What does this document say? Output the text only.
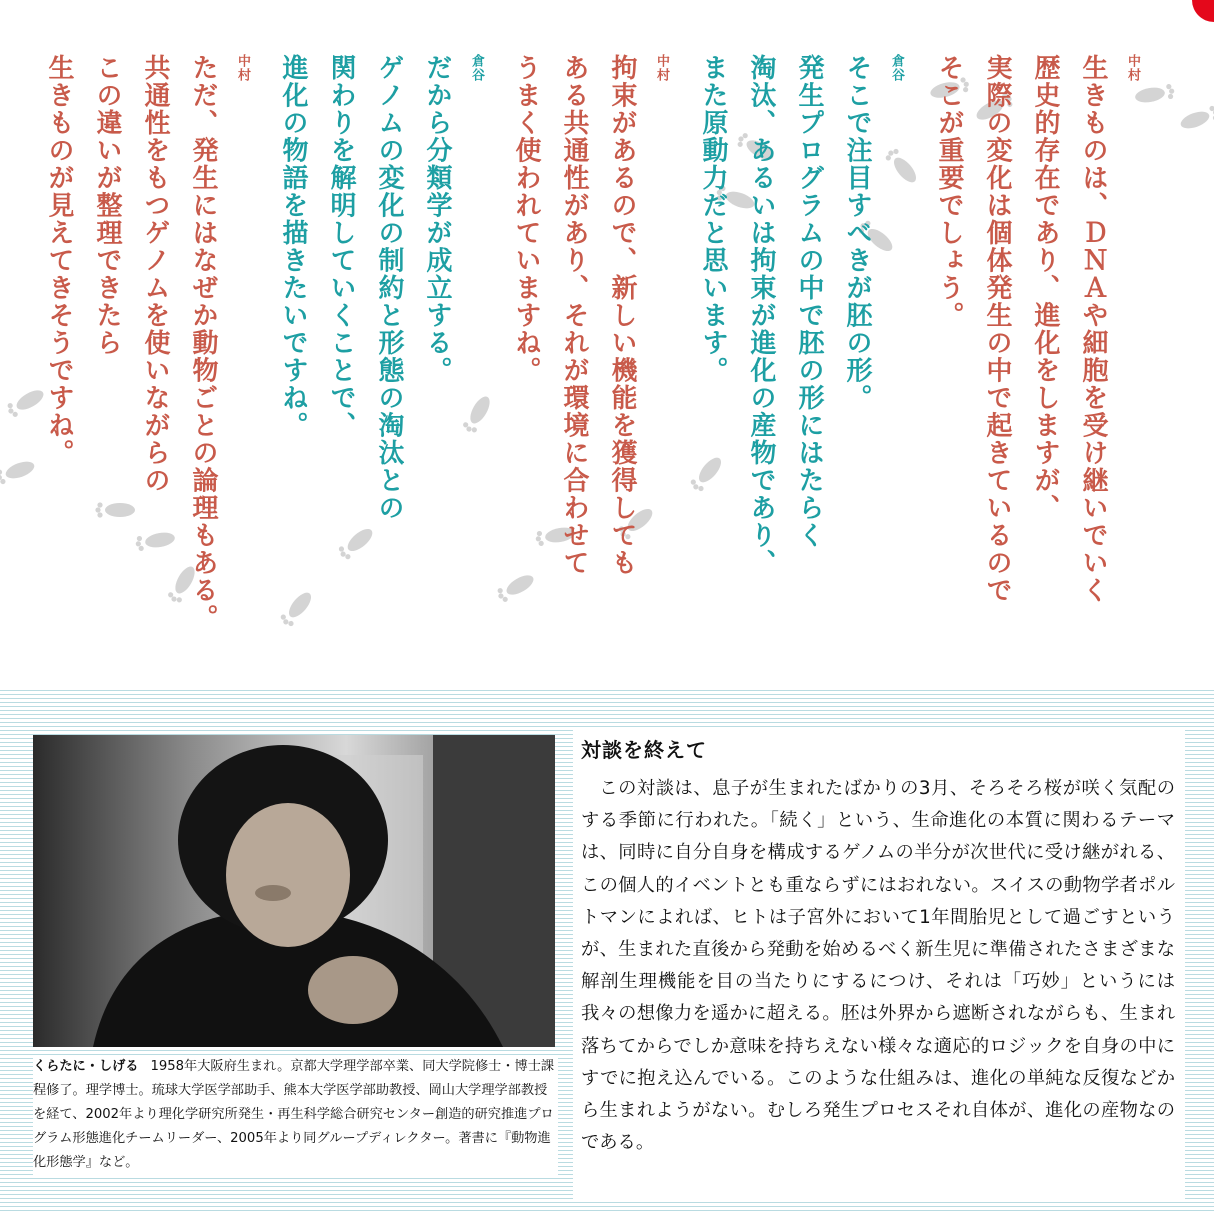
中村
生きものは、ＤＮＡや細胞を受け継いでいく
歴史的存在であり、進化をしますが、
実際の変化は個体発生の中で起きているので
そこが重要でしょう。
倉谷
そこで注目すべきが胚の形。
発生プログラムの中で胚の形にはたらく
淘汰、あるいは拘束が進化の産物であり、
また原動力だと思います。
中村
拘束があるので、新しい機能を獲得しても
ある共通性があり、それが環境に合わせて
うまく使われていますね。
倉谷
だから分類学が成立する。
ゲノムの変化の制約と形態の淘汰との
関わりを解明していくことで、
進化の物語を描きたいですね。
中村
ただ、発生にはなぜか動物ごとの論理もある。
共通性をもつゲノムを使いながらの
この違いが整理できたら
生きものが見えてきそうですね。
くらたに・しげる 1958年大阪府生まれ。京都大学理学部卒業、同大学院修士・博士課程修了。理学博士。琉球大学医学部助手、熊本大学医学部助教授、岡山大学理学部教授を経て、2002年より理化学研究所発生・再生科学総合研究センター創造的研究推進プログラム形態進化チームリーダー、2005年より同グループディレクター。著書に『動物進化形態学』など。
対談を終えて

この対談は、息子が生まれたばかりの3月、そろそろ桜が咲く気配のする季節に行われた。「続く」という、生命進化の本質に関わるテーマは、同時に自分自身を構成するゲノムの半分が次世代に受け継がれる、この個人的イベントとも重ならずにはおれない。スイスの動物学者ポルトマンによれば、ヒトは子宮外において1年間胎児として過ごすというが、生まれた直後から発動を始めるべく新生児に準備されたさまざまな解剖生理機能を目の当たりにするにつけ、それは「巧妙」というには我々の想像力を遥かに超える。胚は外界から遮断されながらも、生まれ落ちてからでしか意味を持ちえない様々な適応的ロジックを自身の中にすでに抱え込んでいる。このような仕組みは、進化の単純な反復などから生まれようがない。むしろ発生プロセスそれ自体が、進化の産物なのである。
